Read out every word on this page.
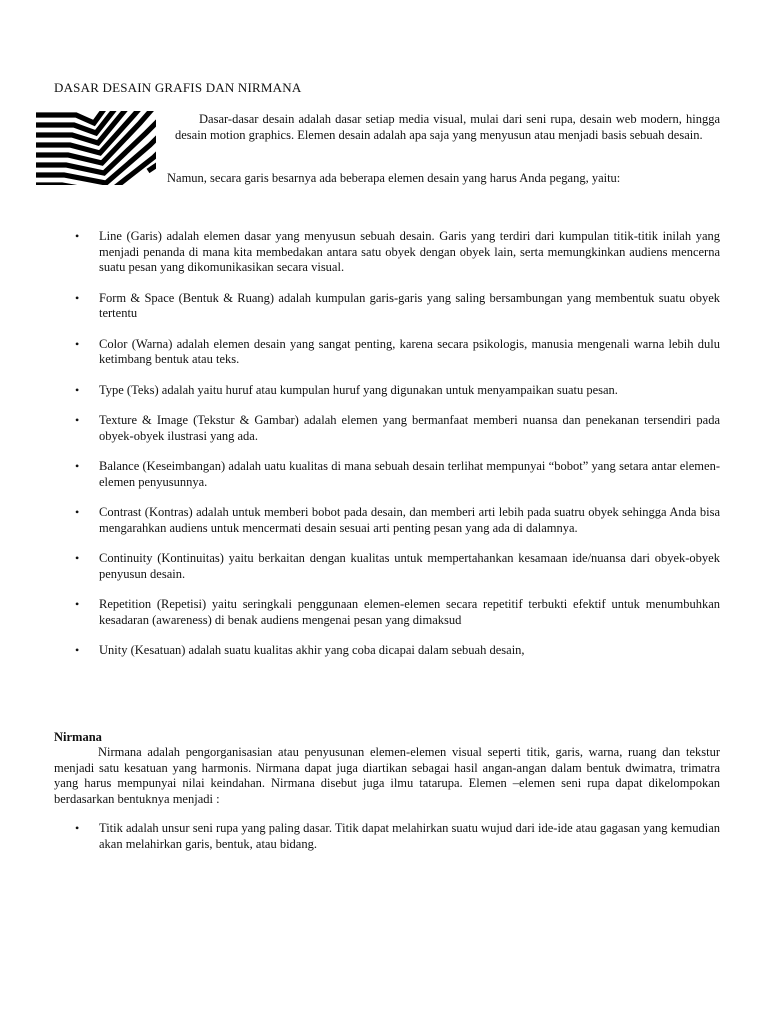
DASAR DESAIN GRAFIS DAN NIRMANA

Dasar-dasar desain adalah dasar setiap media visual, mulai dari seni rupa, desain web modern, hingga desain motion graphics. Elemen desain adalah apa saja yang menyusun atau menjadi basis sebuah desain.

Namun, secara garis besarnya ada beberapa elemen desain yang harus Anda pegang, yaitu:

• Line (Garis) adalah elemen dasar yang menyusun sebuah desain. Garis yang terdiri dari kumpulan titik-titik inilah yang menjadi penanda di mana kita membedakan antara satu obyek dengan obyek lain, serta memungkinkan audiens mencerna suatu pesan yang dikomunikasikan secara visual.
• Form & Space (Bentuk & Ruang) adalah kumpulan garis-garis yang saling bersambungan yang membentuk suatu obyek tertentu
• Color (Warna) adalah elemen desain yang sangat penting, karena secara psikologis, manusia mengenali warna lebih dulu ketimbang bentuk atau teks.
• Type (Teks) adalah yaitu huruf atau kumpulan huruf yang digunakan untuk menyampaikan suatu pesan.
• Texture & Image (Tekstur & Gambar) adalah elemen yang bermanfaat memberi nuansa dan penekanan tersendiri pada obyek-obyek ilustrasi yang ada.
• Balance (Keseimbangan) adalah uatu kualitas di mana sebuah desain terlihat mempunyai “bobot” yang setara antar elemen-elemen penyusunnya.
• Contrast (Kontras) adalah untuk memberi bobot pada desain, dan memberi arti lebih pada suatru obyek sehingga Anda bisa mengarahkan audiens untuk mencermati desain sesuai arti penting pesan yang ada di dalamnya.
• Continuity (Kontinuitas) yaitu berkaitan dengan kualitas untuk mempertahankan kesamaan ide/nuansa dari obyek-obyek penyusun desain.
• Repetition (Repetisi) yaitu seringkali penggunaan elemen-elemen secara repetitif terbukti efektif untuk menumbuhkan kesadaran (awareness) di benak audiens mengenai pesan yang dimaksud
• Unity (Kesatuan) adalah suatu kualitas akhir yang coba dicapai dalam sebuah desain,
Nirmana

Nirmana adalah pengorganisasian atau penyusunan elemen-elemen visual seperti titik, garis, warna, ruang dan tekstur menjadi satu kesatuan yang harmonis. Nirmana dapat juga diartikan sebagai hasil angan-angan dalam bentuk dwimatra, trimatra yang harus mempunyai nilai keindahan. Nirmana disebut juga ilmu tatarupa. Elemen –elemen seni rupa dapat dikelompokan berdasarkan bentuknya menjadi :

• Titik adalah unsur seni rupa yang paling dasar. Titik dapat melahirkan suatu wujud dari ide-ide atau gagasan yang kemudian akan melahirkan garis, bentuk, atau bidang.
